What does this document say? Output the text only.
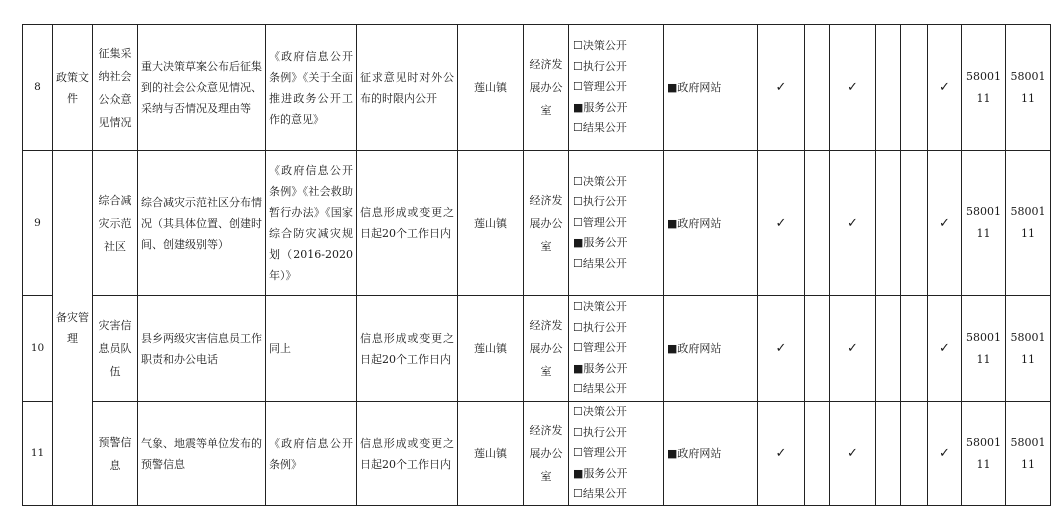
8	政策文件	征集采纳社会公众意见情况	重大决策草案公布后征集到的社会公众意见情况、采纳与否情况及理由等	《政府信息公开条例》《关于全面推进政务公开工作的意见》	征求意见时对外公布的时限内公开	莲山镇	经济发展办公室	☐决策公开
☐执行公开
☐管理公开
■服务公开
☐结果公开	■政府网站	✓		✓			✓	5800111	5800111
9	备灾管理	综合减灾示范社区	综合减灾示范社区分布情况（其具体位置、创建时间、创建级别等）	《政府信息公开条例》《社会救助暂行办法》《国家综合防灾减灾规划（2016-2020年）》	信息形成或变更之日起20个工作日内	莲山镇	经济发展办公室	☐决策公开
☐执行公开
☐管理公开
■服务公开
☐结果公开	■政府网站	✓		✓			✓	5800111	5800111
10		灾害信息员队伍	县乡两级灾害信息员工作职责和办公电话	同上	信息形成或变更之日起20个工作日内	莲山镇	经济发展办公室	☐决策公开
☐执行公开
☐管理公开
■服务公开
☐结果公开	■政府网站	✓		✓			✓	5800111	5800111
11		预警信息	气象、地震等单位发布的预警信息	《政府信息公开条例》	信息形成或变更之日起20个工作日内	莲山镇	经济发展办公室	☐决策公开
☐执行公开
☐管理公开
■服务公开
☐结果公开	■政府网站	✓		✓			✓	5800111	5800111
